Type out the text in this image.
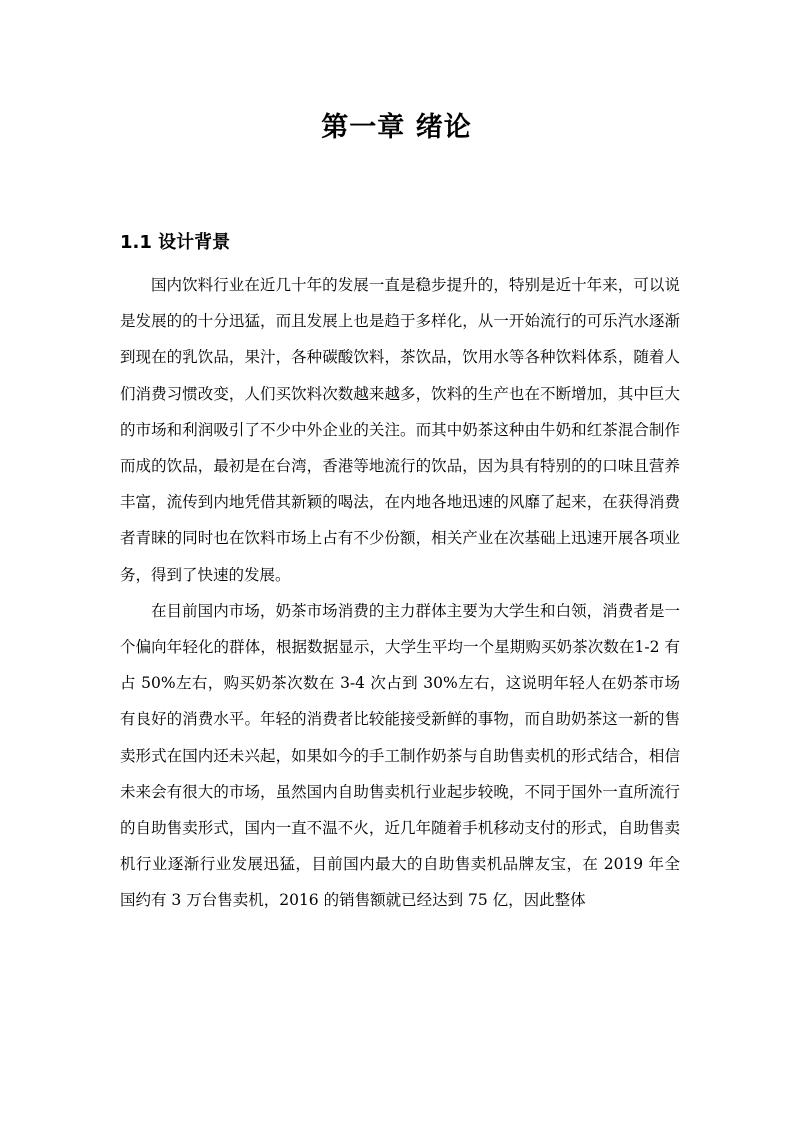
第一章 绪论
1.1 设计背景

国内饮料行业在近几十年的发展一直是稳步提升的，特别是近十年来，可以说是发展的的十分迅猛，而且发展上也是趋于多样化，从一开始流行的可乐汽水逐渐到现在的乳饮品，果汁，各种碳酸饮料，茶饮品，饮用水等各种饮料体系，随着人们消费习惯改变，人们买饮料次数越来越多，饮料的生产也在不断增加，其中巨大的市场和利润吸引了不少中外企业的关注。而其中奶茶这种由牛奶和红茶混合制作而成的饮品，最初是在台湾，香港等地流行的饮品，因为具有特别的的口味且营养丰富，流传到内地凭借其新颖的喝法，在内地各地迅速的风靡了起来，在获得消费者青睐的同时也在饮料市场上占有不少份额，相关产业在次基础上迅速开展各项业务，得到了快速的发展。

在目前国内市场，奶茶市场消费的主力群体主要为大学生和白领，消费者是一个偏向年轻化的群体，根据数据显示，大学生平均一个星期购买奶茶次数在1-2 有占 50%左右，购买奶茶次数在 3-4 次占到 30%左右，这说明年轻人在奶茶市场有良好的消费水平。年轻的消费者比较能接受新鲜的事物，而自助奶茶这一新的售卖形式在国内还未兴起，如果如今的手工制作奶茶与自助售卖机的形式结合，相信未来会有很大的市场，虽然国内自助售卖机行业起步较晚，不同于国外一直所流行的自助售卖形式，国内一直不温不火，近几年随着手机移动支付的形式，自助售卖机行业逐渐行业发展迅猛，目前国内最大的自助售卖机品牌友宝，在 2019 年全国约有 3 万台售卖机，2016 的销售额就已经达到 75 亿，因此整体
